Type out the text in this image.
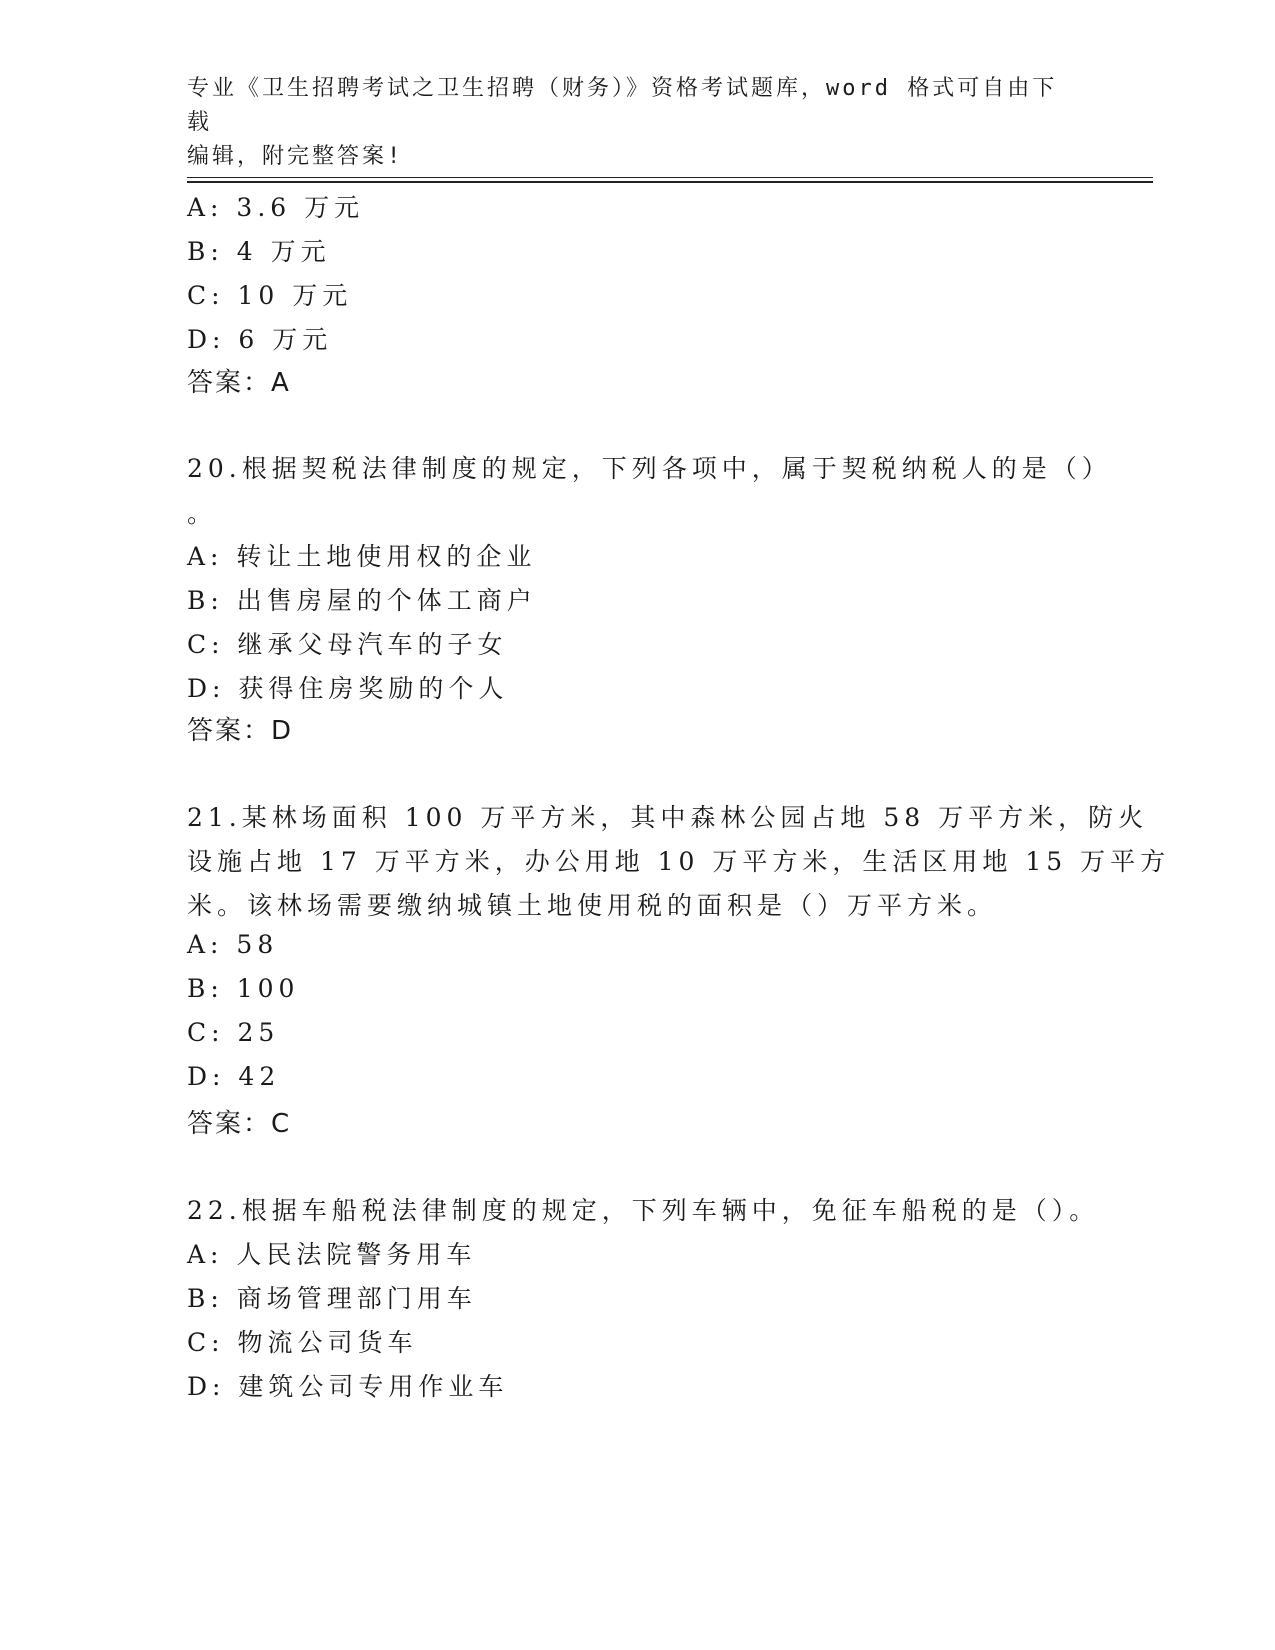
专业《卫生招聘考试之卫生招聘（财务）》资格考试题库，word 格式可自由下载
编辑，附完整答案!
A: 3.6 万元
B: 4 万元
C: 10 万元
D: 6 万元
答案：A
20.根据契税法律制度的规定，下列各项中，属于契税纳税人的是（）
。
A: 转让土地使用权的企业
B: 出售房屋的个体工商户
C: 继承父母汽车的子女
D: 获得住房奖励的个人
答案：D
21.某林场面积 100 万平方米，其中森林公园占地 58 万平方米，防火
设施占地 17 万平方米，办公用地 10 万平方米，生活区用地 15 万平方
米。该林场需要缴纳城镇土地使用税的面积是（）万平方米。
A: 58
B: 100
C: 25
D: 42
答案：C
22.根据车船税法律制度的规定，下列车辆中，免征车船税的是（）。
A: 人民法院警务用车
B: 商场管理部门用车
C: 物流公司货车
D: 建筑公司专用作业车
